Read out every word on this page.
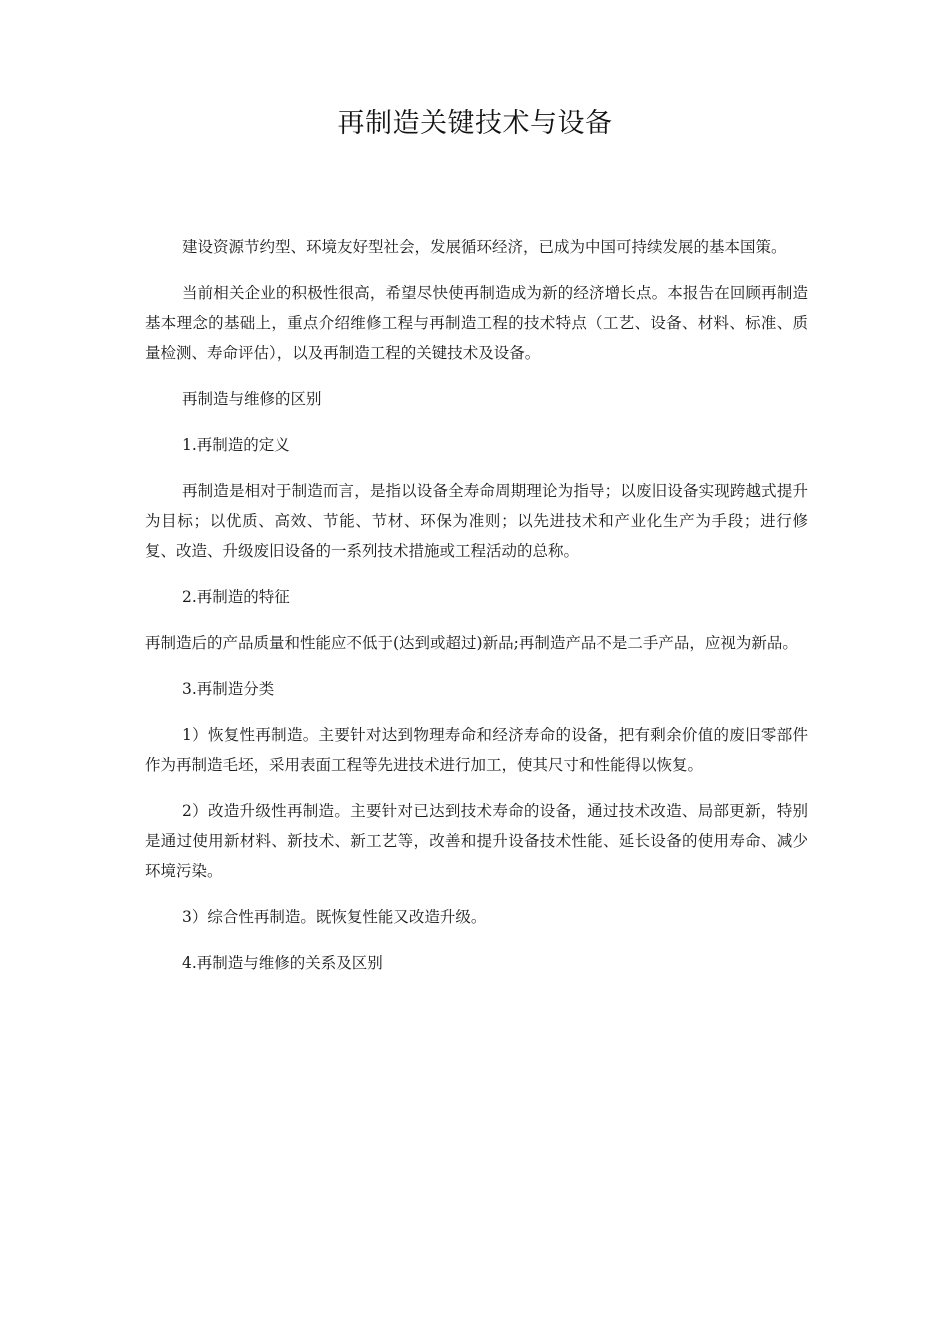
再制造关键技术与设备

建设资源节约型、环境友好型社会，发展循环经济，已成为中国可持续发展的基本国策。

当前相关企业的积极性很高，希望尽快使再制造成为新的经济增长点。本报告在回顾再制造基本理念的基础上，重点介绍维修工程与再制造工程的技术特点（工艺、设备、材料、标准、质量检测、寿命评估），以及再制造工程的关键技术及设备。

再制造与维修的区别

1.再制造的定义

再制造是相对于制造而言，是指以设备全寿命周期理论为指导；以废旧设备实现跨越式提升为目标；以优质、高效、节能、节材、环保为准则；以先进技术和产业化生产为手段；进行修复、改造、升级废旧设备的一系列技术措施或工程活动的总称。

2.再制造的特征

再制造后的产品质量和性能应不低于(达到或超过)新品;再制造产品不是二手产品，应视为新品。

3.再制造分类

1）恢复性再制造。主要针对达到物理寿命和经济寿命的设备，把有剩余价值的废旧零部件作为再制造毛坯，采用表面工程等先进技术进行加工，使其尺寸和性能得以恢复。

2）改造升级性再制造。主要针对已达到技术寿命的设备，通过技术改造、局部更新，特别是通过使用新材料、新技术、新工艺等，改善和提升设备技术性能、延长设备的使用寿命、减少环境污染。

3）综合性再制造。既恢复性能又改造升级。

4.再制造与维修的关系及区别
